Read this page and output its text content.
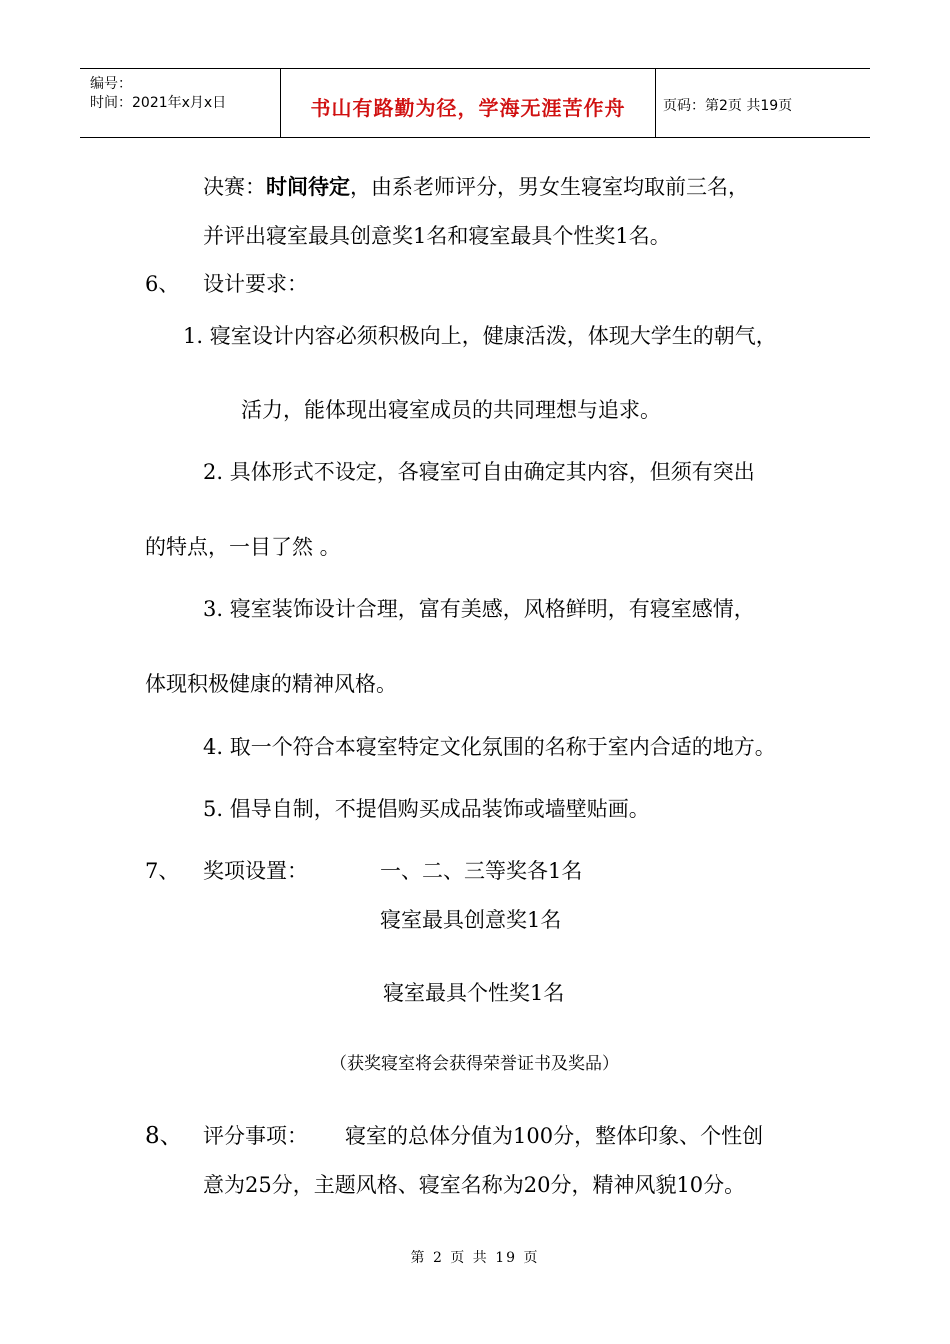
编号：
时间：2021年x月x日	书山有路勤为径，学海无涯苦作舟	页码：第2页 共19页
决赛：时间待定，由系老师评分，男女生寝室均取前三名，
并评出寝室最具创意奖1名和寝室最具个性奖1名。
6、 设计要求：
1. 寝室设计内容必须积极向上，健康活泼，体现大学生的朝气，
活力，能体现出寝室成员的共同理想与追求。
2. 具体形式不设定，各寝室可自由确定其内容，但须有突出
的特点，一目了然 。
3. 寝室装饰设计合理，富有美感，风格鲜明，有寝室感情，
体现积极健康的精神风格。
4. 取一个符合本寝室特定文化氛围的名称于室内合适的地方。
5. 倡导自制，不提倡购买成品装饰或墙壁贴画。
7、 奖项设置：	一、二、三等奖各1名
寝室最具创意奖1名
寝室最具个性奖1名
（获奖寝室将会获得荣誉证书及奖品）
8、 评分事项： 寝室的总体分值为100分，整体印象、个性创
意为25分，主题风格、寝室名称为20分，精神风貌10分。
第 2 页 共 19 页
